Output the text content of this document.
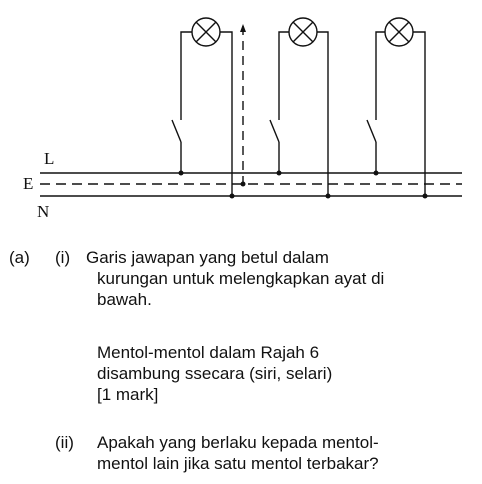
L
E
N
(a) (i) Garis jawapan yang betul dalam
kurungan untuk melengkapkan ayat di
bawah.
Mentol-mentol dalam Rajah 6
disambung ssecara (siri, selari)
[1 mark]
(ii) Apakah yang berlaku kepada mentol-
mentol lain jika satu mentol terbakar?
